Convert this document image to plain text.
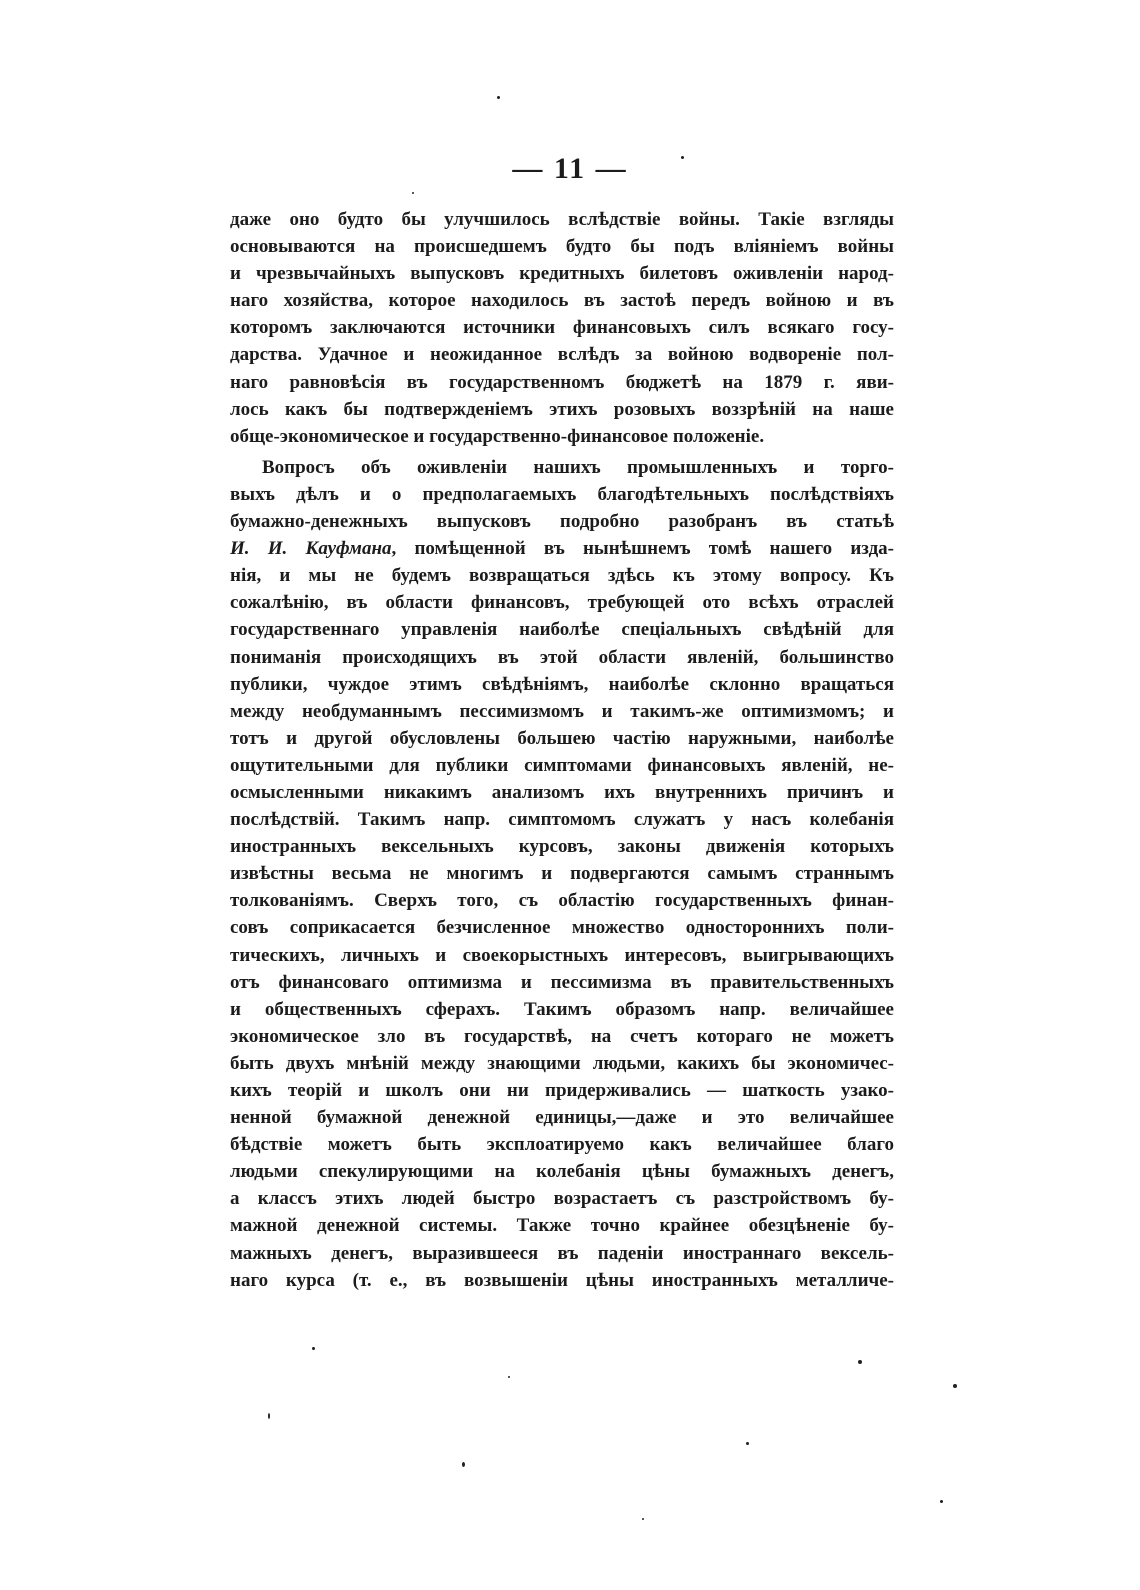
— 11 —
даже оно будто бы улучшилось вслѣдствіе войны. Такіе взгляды
основываются на происшедшемъ будто бы подъ вліяніемъ войны
и чрезвычайныхъ выпусковъ кредитныхъ билетовъ оживленіи народ-
наго хозяйства, которое находилось въ застоѣ передъ войною и въ
которомъ заключаются источники финансовыхъ силъ всякаго госу-
дарства. Удачное и неожиданное вслѣдъ за войною водвореніе пол-
наго равновѣсія въ государственномъ бюджетѣ на 1879 г. яви-
лось какъ бы подтвержденіемъ этихъ розовыхъ воззрѣній на наше
обще-экономическое и государственно-финансовое положеніе.
Вопросъ объ оживленіи нашихъ промышленныхъ и торго-
выхъ дѣлъ и о предполагаемыхъ благодѣтельныхъ послѣдствіяхъ
бумажно-денежныхъ выпусковъ подробно разобранъ въ статьѣ
И. И. Кауфмана, помѣщенной въ нынѣшнемъ томѣ нашего изда-
нія, и мы не будемъ возвращаться здѣсь къ этому вопросу. Къ
сожалѣнію, въ области финансовъ, требующей ото всѣхъ отраслей
государственнаго управленія наиболѣе спеціальныхъ свѣдѣній для
пониманія происходящихъ въ этой области явленій, большинство
публики, чуждое этимъ свѣдѣніямъ, наиболѣе склонно вращаться
между необдуманнымъ пессимизмомъ и такимъ-же оптимизмомъ; и
тотъ и другой обусловлены большею частію наружными, наиболѣе
ощутительными для публики симптомами финансовыхъ явленій, не-
осмысленными никакимъ анализомъ ихъ внутреннихъ причинъ и
послѣдствій. Такимъ напр. симптомомъ служатъ у насъ колебанія
иностранныхъ вексельныхъ курсовъ, законы движенія которыхъ
извѣстны весьма не многимъ и подвергаются самымъ страннымъ
толкованіямъ. Сверхъ того, съ областію государственныхъ финан-
совъ соприкасается безчисленное множество одностороннихъ поли-
тическихъ, личныхъ и своекорыстныхъ интересовъ, выигрывающихъ
отъ финансоваго оптимизма и пессимизма въ правительственныхъ
и общественныхъ сферахъ. Такимъ образомъ напр. величайшее
экономическое зло въ государствѣ, на счетъ котораго не можетъ
быть двухъ мнѣній между знающими людьми, какихъ бы экономичес-
кихъ теорій и школъ они ни придерживались — шаткость узако-
ненной бумажной денежной единицы,—даже и это величайшее
бѣдствіе можетъ быть эксплоатируемо какъ величайшее благо
людьми спекулирующими на колебанія цѣны бумажныхъ денегъ,
а классъ этихъ людей быстро возрастаетъ съ разстройствомъ бу-
мажной денежной системы. Также точно крайнее обезцѣненіе бу-
мажныхъ денегъ, выразившееся въ паденіи иностраннаго вексель-
наго курса (т. е., въ возвышеніи цѣны иностранныхъ металличе-
